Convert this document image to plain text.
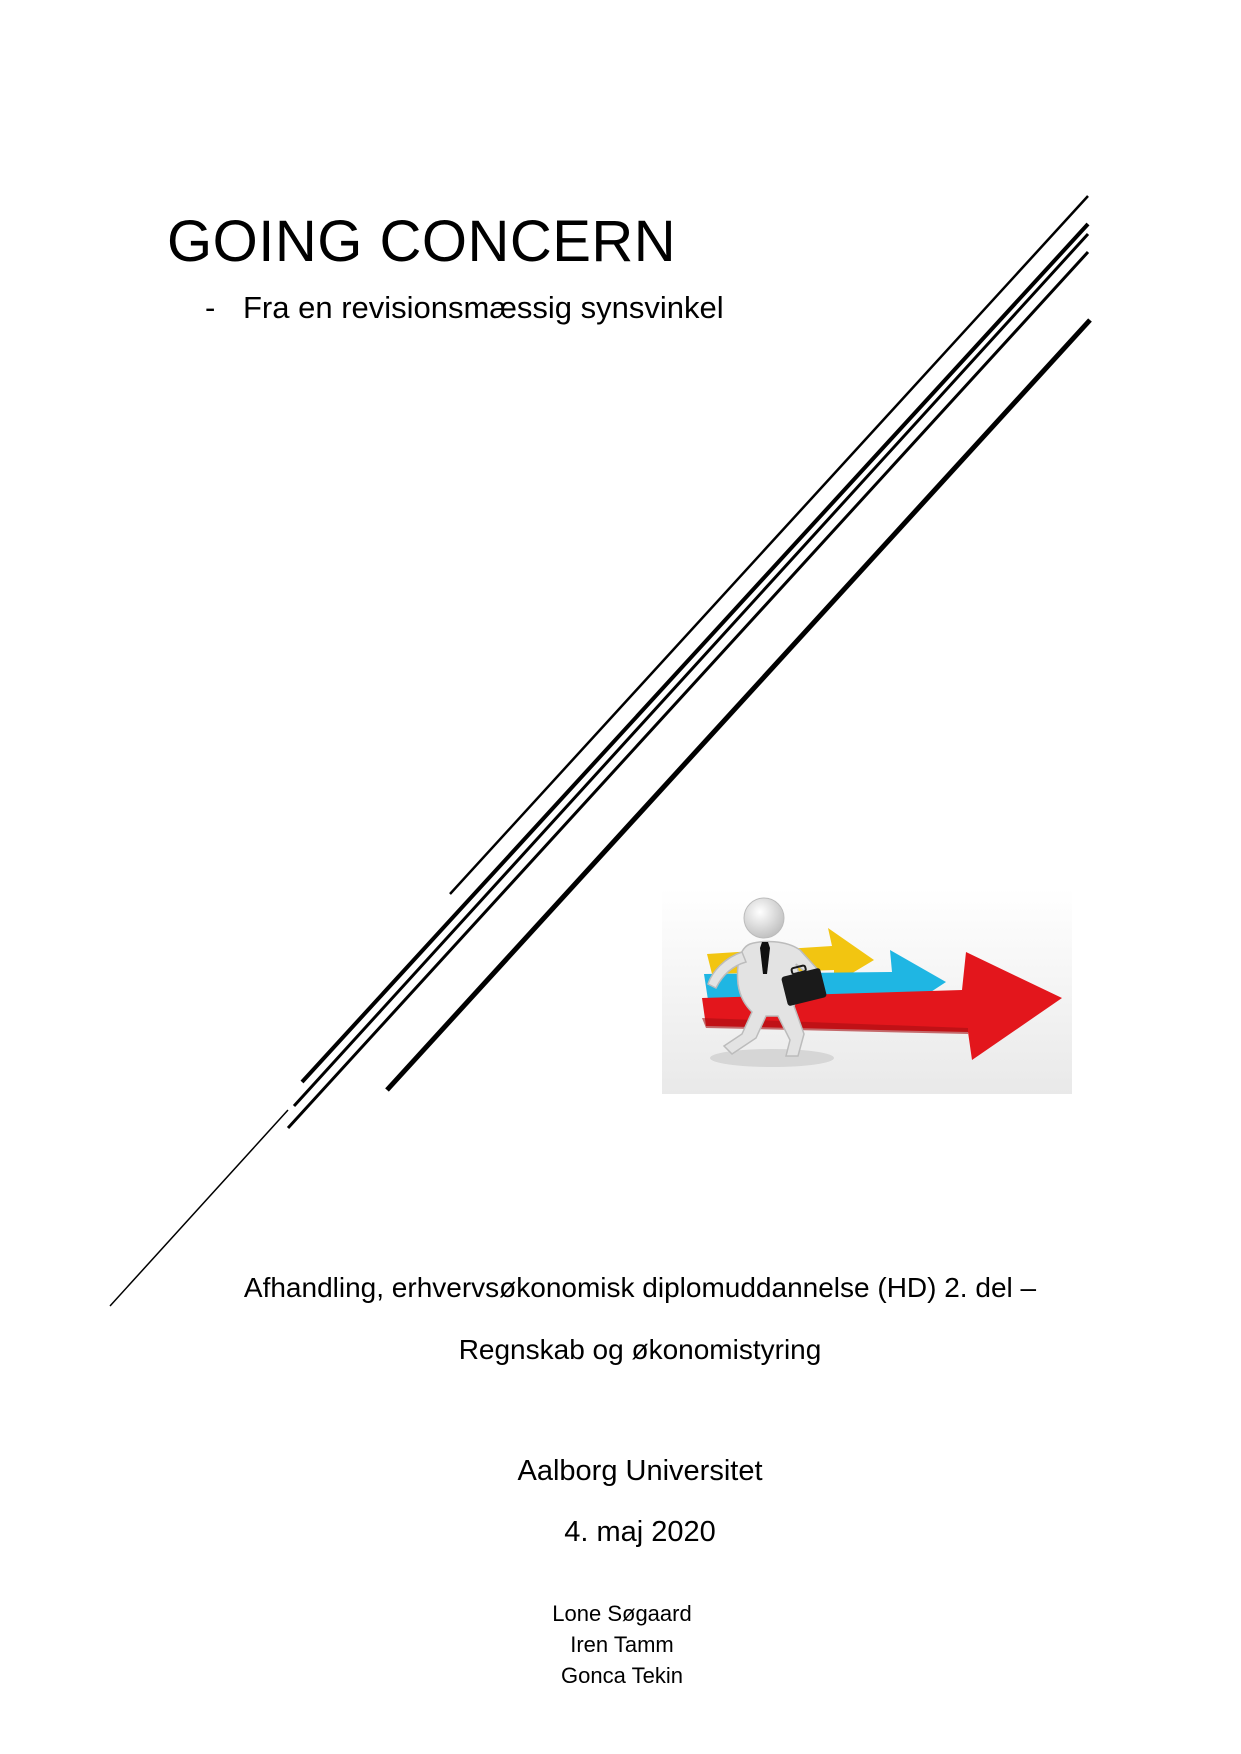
GOING CONCERN
- Fra en revisionsmæssig synsvinkel
Afhandling, erhvervsøkonomisk diplomuddannelse (HD) 2. del –
Regnskab og økonomistyring
Aalborg Universitet
4. maj 2020
Lone Søgaard
Iren Tamm
Gonca Tekin
